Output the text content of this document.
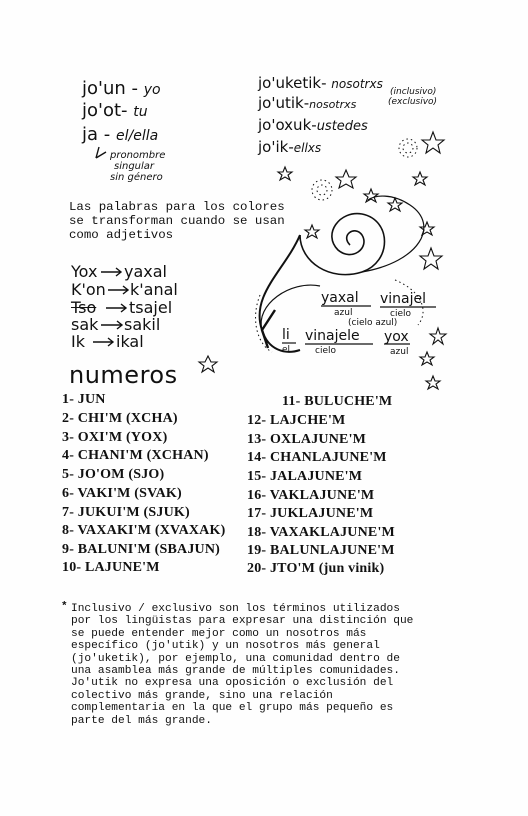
jo'un - yo
jo'ot- tu
ja - el/ella
pronombre
singular
sin género
jo'uketik- nosotrxs
(inclusivo)
jo'utik-nosotrxs	(exclusivo)
jo'oxuk-ustedes
jo'ik-ellxs
Las palabras para los colores
se transforman cuando se usan
como adjetivos
Yox yaxal
K'on k'anal
Tso tsajel
sak sakil
Ik ikal
yaxal
azul
vinajel
cielo
(cielo azul)
li
el
vinajele
cielo
yox
azul
numeros
1- JUN
2- CHI'M (XCHA)
3- OXI'M (YOX)
4- CHANI'M (XCHAN)
5- JO'OM (SJO)
6- VAKI'M (SVAK)
7- JUKUI'M (SJUK)
8- VAXAKI'M (XVAXAK)
9- BALUNI'M (SBAJUN)
10- LAJUNE'M
11- BULUCHE'M
12- LAJCHE'M
13- OXLAJUNE'M
14- CHANLAJUNE'M
15- JALAJUNE'M
16- VAKLAJUNE'M
17- JUKLAJUNE'M
18- VAXAKLAJUNE'M
19- BALUNLAJUNE'M
20- JTO'M (jun vinik)
* Inclusivo / exclusivo son los términos utilizados
por los lingüistas para expresar una distinción que
se puede entender mejor como un nosotros más
específico (jo'utik) y un nosotros más general
(jo'uketik), por ejemplo, una comunidad dentro de
una asamblea más grande de múltiples comunidades.
Jo'utik no expresa una oposición o exclusión del
colectivo más grande, sino una relación
complementaria en la que el grupo más pequeño es
parte del más grande.
